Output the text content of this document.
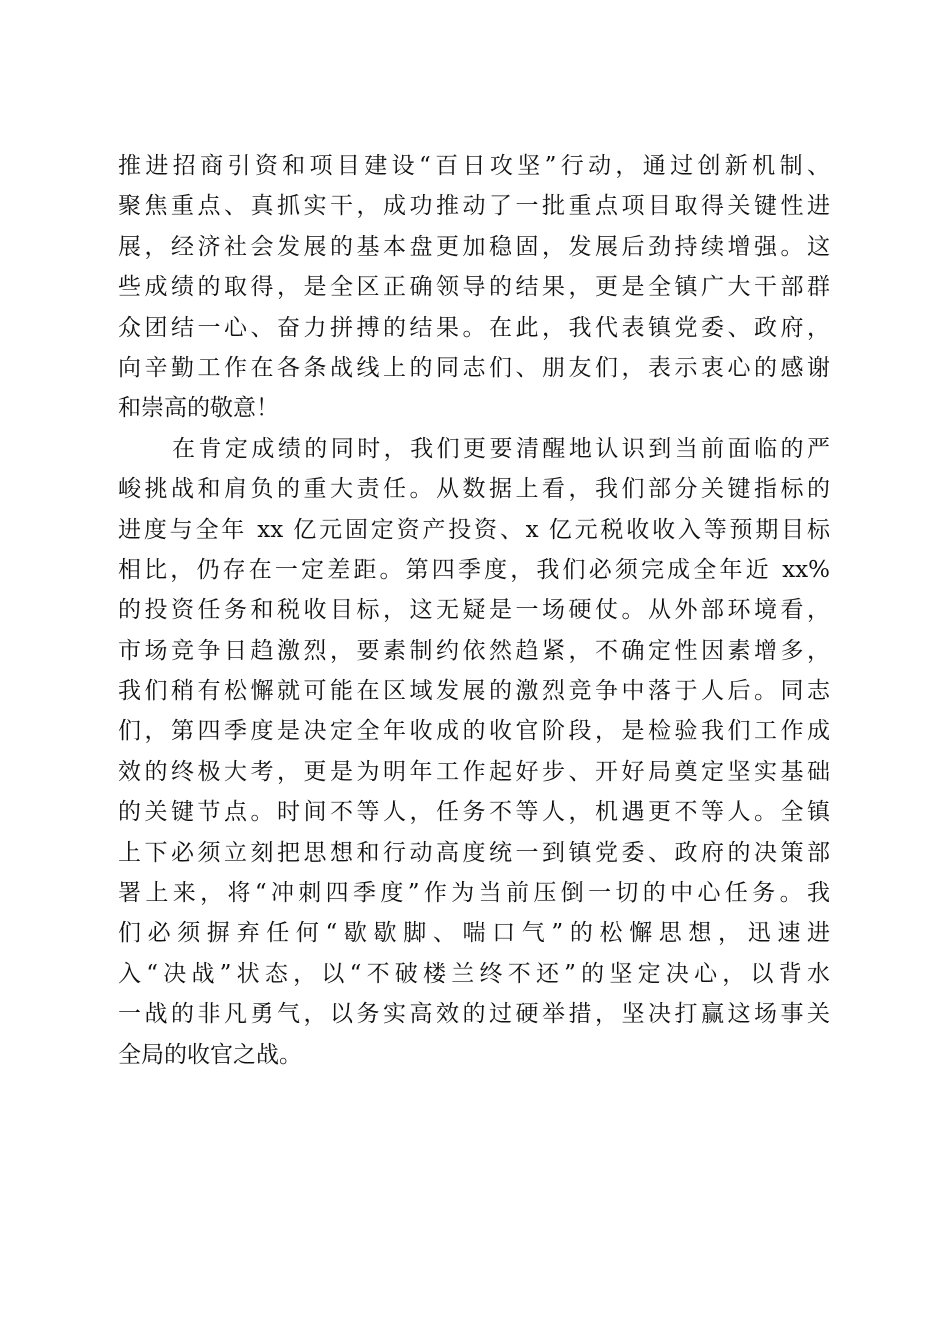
推进招商引资和项目建设“百日攻坚”行动，通过创新机制、
聚焦重点、真抓实干，成功推动了一批重点项目取得关键性进
展，经济社会发展的基本盘更加稳固，发展后劲持续增强。这
些成绩的取得，是全区正确领导的结果，更是全镇广大干部群
众团结一心、奋力拼搏的结果。在此，我代表镇党委、政府，
向辛勤工作在各条战线上的同志们、朋友们，表示衷心的感谢
和崇高的敬意！
在肯定成绩的同时，我们更要清醒地认识到当前面临的严
峻挑战和肩负的重大责任。从数据上看，我们部分关键指标的
进度与全年 xx 亿元固定资产投资、x 亿元税收收入等预期目标
相比，仍存在一定差距。第四季度，我们必须完成全年近 xx%
的投资任务和税收目标，这无疑是一场硬仗。从外部环境看，
市场竞争日趋激烈，要素制约依然趋紧，不确定性因素增多，
我们稍有松懈就可能在区域发展的激烈竞争中落于人后。同志
们，第四季度是决定全年收成的收官阶段，是检验我们工作成
效的终极大考，更是为明年工作起好步、开好局奠定坚实基础
的关键节点。时间不等人，任务不等人，机遇更不等人。全镇
上下必须立刻把思想和行动高度统一到镇党委、政府的决策部
署上来，将“冲刺四季度”作为当前压倒一切的中心任务。我
们必须摒弃任何“歇歇脚、喘口气”的松懈思想，迅速进
入“决战”状态，以“不破楼兰终不还”的坚定决心，以背水
一战的非凡勇气，以务实高效的过硬举措，坚决打赢这场事关
全局的收官之战。
